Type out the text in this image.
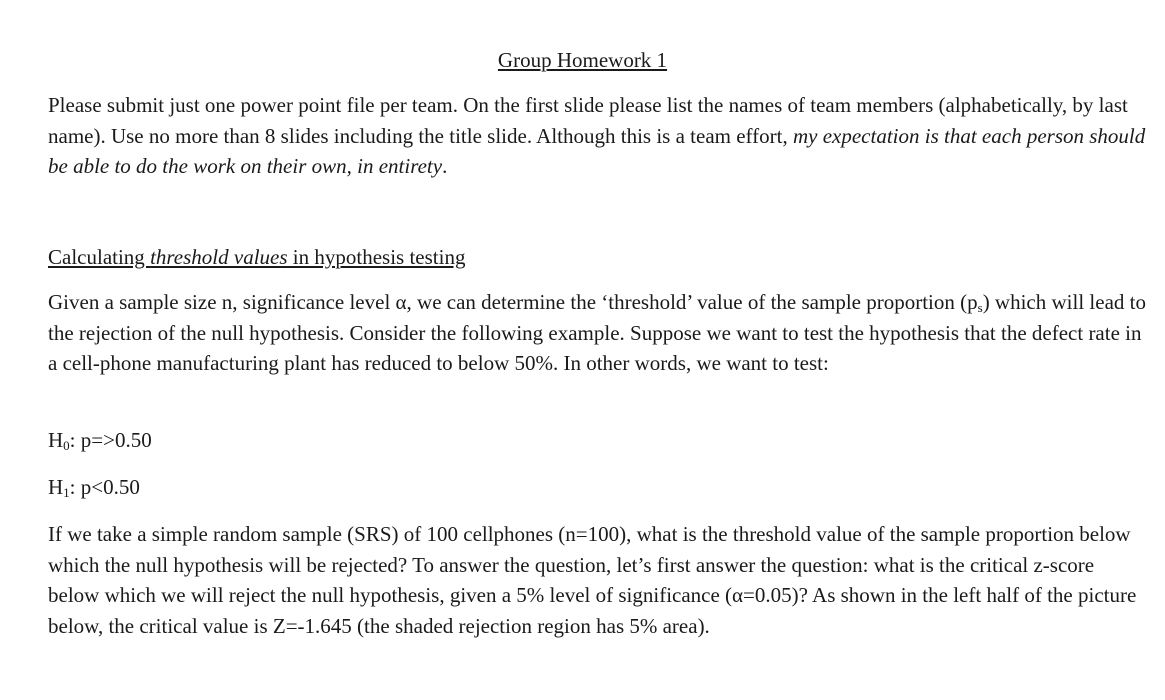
Group Homework 1

Please submit just one power point file per team. On the first slide please list the names of team members (alphabetically, by last name). Use no more than 8 slides including the title slide. Although this is a team effort, my expectation is that each person should be able to do the work on their own, in entirety.

Calculating threshold values in hypothesis testing

Given a sample size n, significance level α, we can determine the ‘threshold’ value of the sample proportion $(p_s)$ which will lead to the rejection of the null hypothesis. Consider the following example. Suppose we want to test the hypothesis that the defect rate in a cell-phone manufacturing plant has reduced to below 50%. In other words, we want to test:

$H_0$: p=>0.50

$H_1$: p<0.50

If we take a simple random sample (SRS) of 100 cellphones (n=100), what is the threshold value of the sample proportion below which the null hypothesis will be rejected? To answer the question, let’s first answer the question: what is the critical z-score below which we will reject the null hypothesis, given a 5% level of significance (α=0.05)? As shown in the left half of the picture below, the critical value is Z=-1.645 (the shaded rejection region has 5% area).
